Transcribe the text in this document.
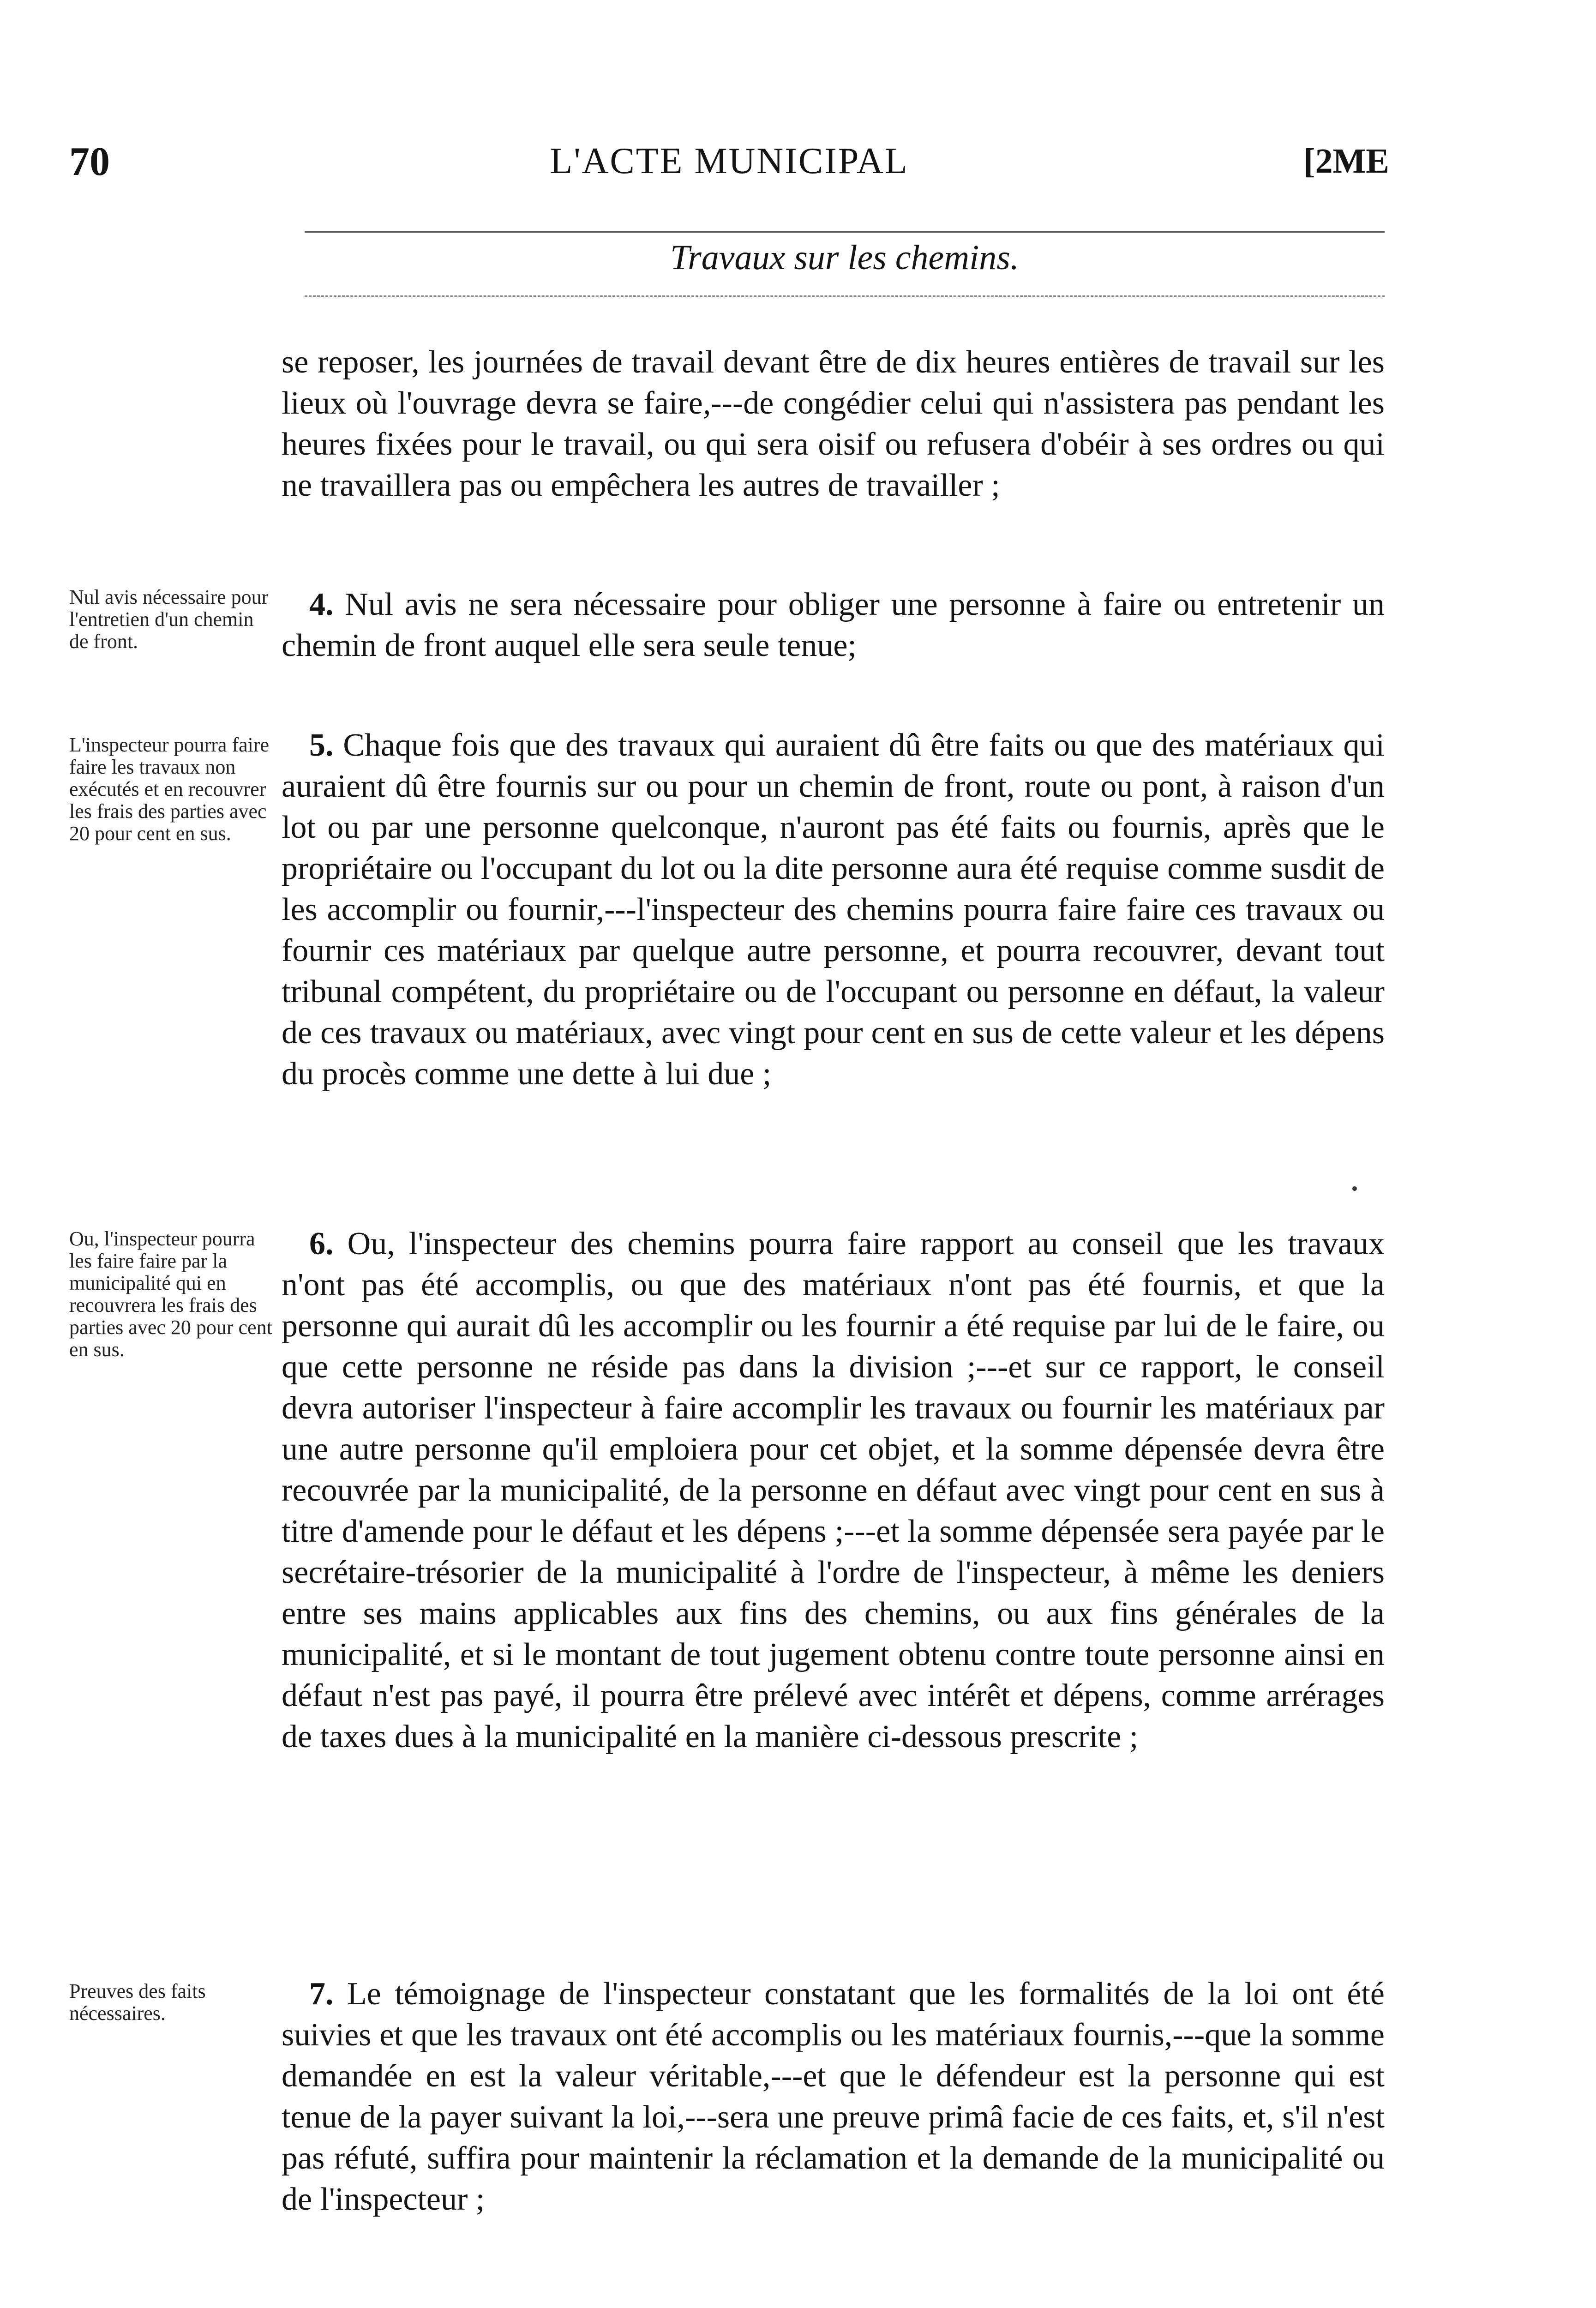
70	L'ACTE MUNICIPAL	[2ME
Travaux sur les chemins.

se reposer, les journées de travail devant être de dix heures entières de travail sur les lieux où l'ouvrage devra se faire,---de congédier celui qui n'assistera pas pendant les heures fixées pour le travail, ou qui sera oisif ou refusera d'obéir à ses ordres ou qui ne travaillera pas ou empêchera les autres de travailler ;

4. Nul avis ne sera nécessaire pour obliger une personne à faire ou entretenir un chemin de front auquel elle sera seule tenue;

5. Chaque fois que des travaux qui auraient dû être faits ou que des matériaux qui auraient dû être fournis sur ou pour un chemin de front, route ou pont, à raison d'un lot ou par une personne quelconque, n'auront pas été faits ou fournis, après que le propriétaire ou l'occupant du lot ou la dite personne aura été requise comme susdit de les accomplir ou fournir,---l'inspecteur des chemins pourra faire faire ces travaux ou fournir ces matériaux par quelque autre personne, et pourra recouvrer, devant tout tribunal compétent, du propriétaire ou de l'occupant ou personne en défaut, la valeur de ces travaux ou matériaux, avec vingt pour cent en sus de cette valeur et les dépens du procès comme une dette à lui due ;

6. Ou, l'inspecteur des chemins pourra faire rapport au conseil que les travaux n'ont pas été accomplis, ou que des matériaux n'ont pas été fournis, et que la personne qui aurait dû les accomplir ou les fournir a été requise par lui de le faire, ou que cette personne ne réside pas dans la division ;---et sur ce rapport, le conseil devra autoriser l'inspecteur à faire accomplir les travaux ou fournir les matériaux par une autre personne qu'il emploiera pour cet objet, et la somme dépensée devra être recouvrée par la municipalité, de la personne en défaut avec vingt pour cent en sus à titre d'amende pour le défaut et les dépens ;---et la somme dépensée sera payée par le secrétaire-trésorier de la municipalité à l'ordre de l'inspecteur, à même les deniers entre ses mains applicables aux fins des chemins, ou aux fins générales de la municipalité, et si le montant de tout jugement obtenu contre toute personne ainsi en défaut n'est pas payé, il pourra être prélevé avec intérêt et dépens, comme arrérages de taxes dues à la municipalité en la manière ci-dessous prescrite ;

7. Le témoignage de l'inspecteur constatant que les formalités de la loi ont été suivies et que les travaux ont été accomplis ou les matériaux fournis,---que la somme demandée en est la valeur véritable,---et que le défendeur est la personne qui est tenue de la payer suivant la loi,---sera une preuve primâ facie de ces faits, et, s'il n'est pas réfuté, suffira pour maintenir la réclamation et la demande de la municipalité ou de l'inspecteur ;

Nul avis nécessaire pour l'entretien d'un chemin de front.
L'inspecteur pourra faire faire les travaux non exécutés et en recouvrer les frais des parties avec 20 pour cent en sus.
Ou, l'inspecteur pourra les faire faire par la municipalité qui en recouvrera les frais des parties avec 20 pour cent en sus.
Preuves des faits nécessaires.
